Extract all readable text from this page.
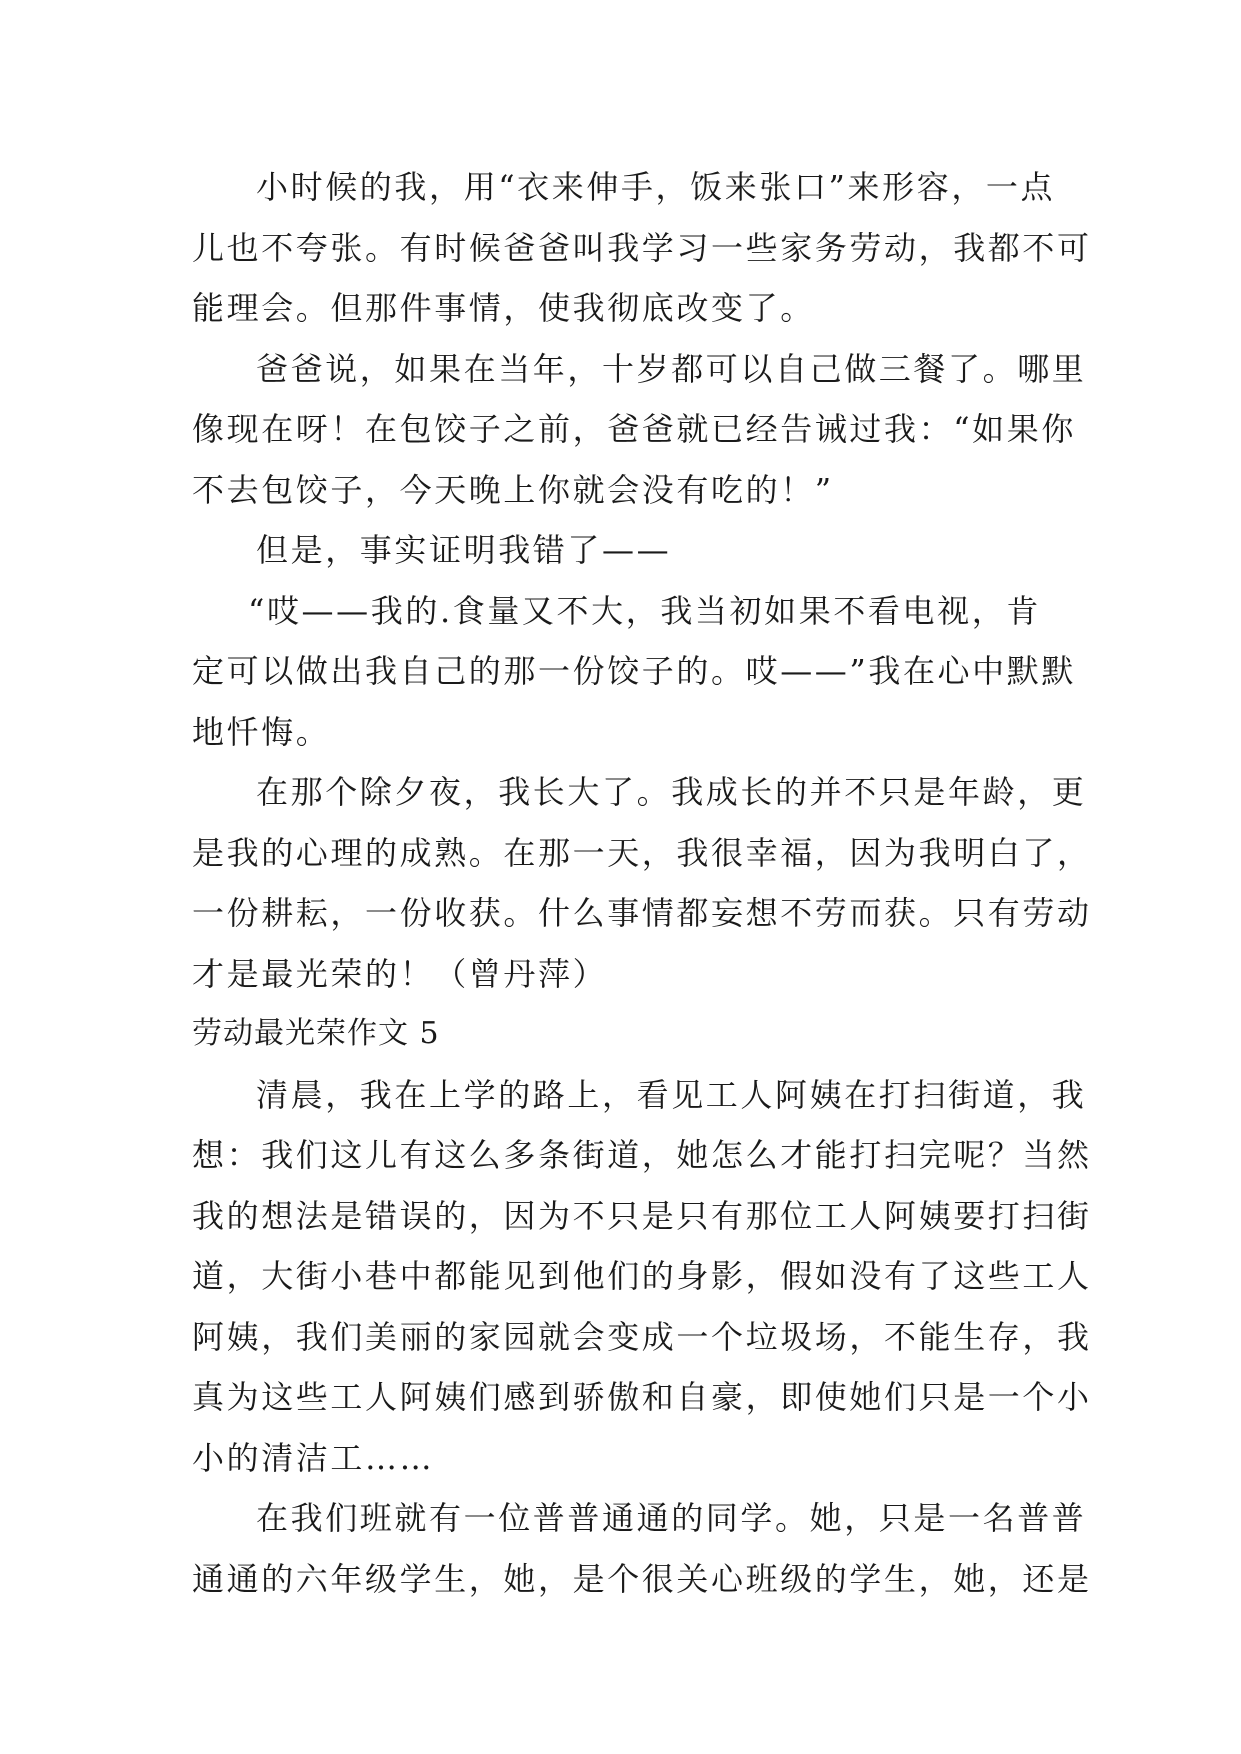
小时候的我，用“衣来伸手，饭来张口”来形容，一点
儿也不夸张。有时候爸爸叫我学习一些家务劳动，我都不可
能理会。但那件事情，使我彻底改变了。
爸爸说，如果在当年，十岁都可以自己做三餐了。哪里
像现在呀！在包饺子之前，爸爸就已经告诫过我：“如果你
不去包饺子，今天晚上你就会没有吃的！”
但是，事实证明我错了——
“哎——我的.食量又不大，我当初如果不看电视，肯
定可以做出我自己的那一份饺子的。哎——”我在心中默默
地忏悔。
在那个除夕夜，我长大了。我成长的并不只是年龄，更
是我的心理的成熟。在那一天，我很幸福，因为我明白了，
一份耕耘，一份收获。什么事情都妄想不劳而获。只有劳动
才是最光荣的！（曾丹萍）
劳动最光荣作文 5
清晨，我在上学的路上，看见工人阿姨在打扫街道，我
想：我们这儿有这么多条街道，她怎么才能打扫完呢？当然
我的想法是错误的，因为不只是只有那位工人阿姨要打扫街
道，大街小巷中都能见到他们的身影，假如没有了这些工人
阿姨，我们美丽的家园就会变成一个垃圾场，不能生存，我
真为这些工人阿姨们感到骄傲和自豪，即使她们只是一个小
小的清洁工……
在我们班就有一位普普通通的同学。她，只是一名普普
通通的六年级学生，她，是个很关心班级的学生，她，还是
